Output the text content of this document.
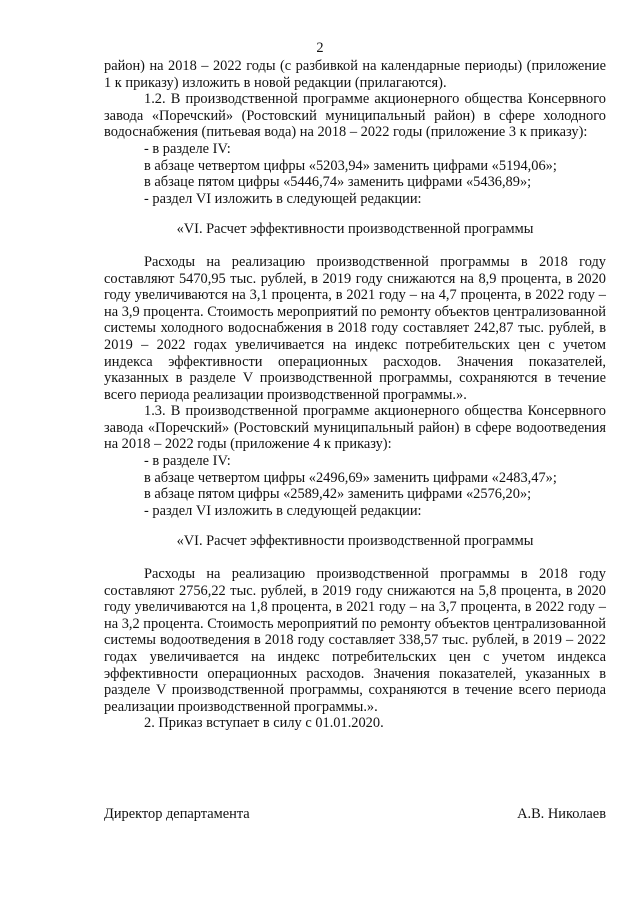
2

район) на 2018 – 2022 годы (с разбивкой на календарные периоды) (приложение 1 к приказу) изложить в новой редакции (прилагаются).

1.2. В производственной программе акционерного общества Консервного завода «Поречский» (Ростовский муниципальный район) в сфере холодного водоснабжения (питьевая вода) на 2018 – 2022 годы (приложение 3 к приказу):

- в разделе IV:

в абзаце четвертом цифры «5203,94» заменить цифрами «5194,06»;

в абзаце пятом цифры «5446,74» заменить цифрами «5436,89»;

- раздел VI изложить в следующей редакции:

«VI. Расчет эффективности производственной программы

Расходы на реализацию производственной программы в 2018 году составляют 5470,95 тыс. рублей, в 2019 году снижаются на 8,9 процента, в 2020 году увеличиваются на 3,1 процента, в 2021 году – на 4,7 процента, в 2022 году – на 3,9 процента. Стоимость мероприятий по ремонту объектов централизованной системы холодного водоснабжения в 2018 году составляет 242,87 тыс. рублей, в 2019 – 2022 годах увеличивается на индекс потребительских цен с учетом индекса эффективности операционных расходов. Значения показателей, указанных в разделе V производственной программы, сохраняются в течение всего периода реализации производственной программы.».

1.3. В производственной программе акционерного общества Консервного завода «Поречский» (Ростовский муниципальный район) в сфере водоотведения на 2018 – 2022 годы (приложение 4 к приказу):

- в разделе IV:

в абзаце четвертом цифры «2496,69» заменить цифрами «2483,47»;

в абзаце пятом цифры «2589,42» заменить цифрами «2576,20»;

- раздел VI изложить в следующей редакции:

«VI. Расчет эффективности производственной программы

Расходы на реализацию производственной программы в 2018 году составляют 2756,22 тыс. рублей, в 2019 году снижаются на 5,8 процента, в 2020 году увеличиваются на 1,8 процента, в 2021 году – на 3,7 процента, в 2022 году – на 3,2 процента. Стоимость мероприятий по ремонту объектов централизованной системы водоотведения в 2018 году составляет 338,57 тыс. рублей, в 2019 – 2022 годах увеличивается на индекс потребительских цен с учетом индекса эффективности операционных расходов. Значения показателей, указанных в разделе V производственной программы, сохраняются в течение всего периода реализации производственной программы.».

2. Приказ вступает в силу с 01.01.2020.

Директор департамента	А.В. Николаев
